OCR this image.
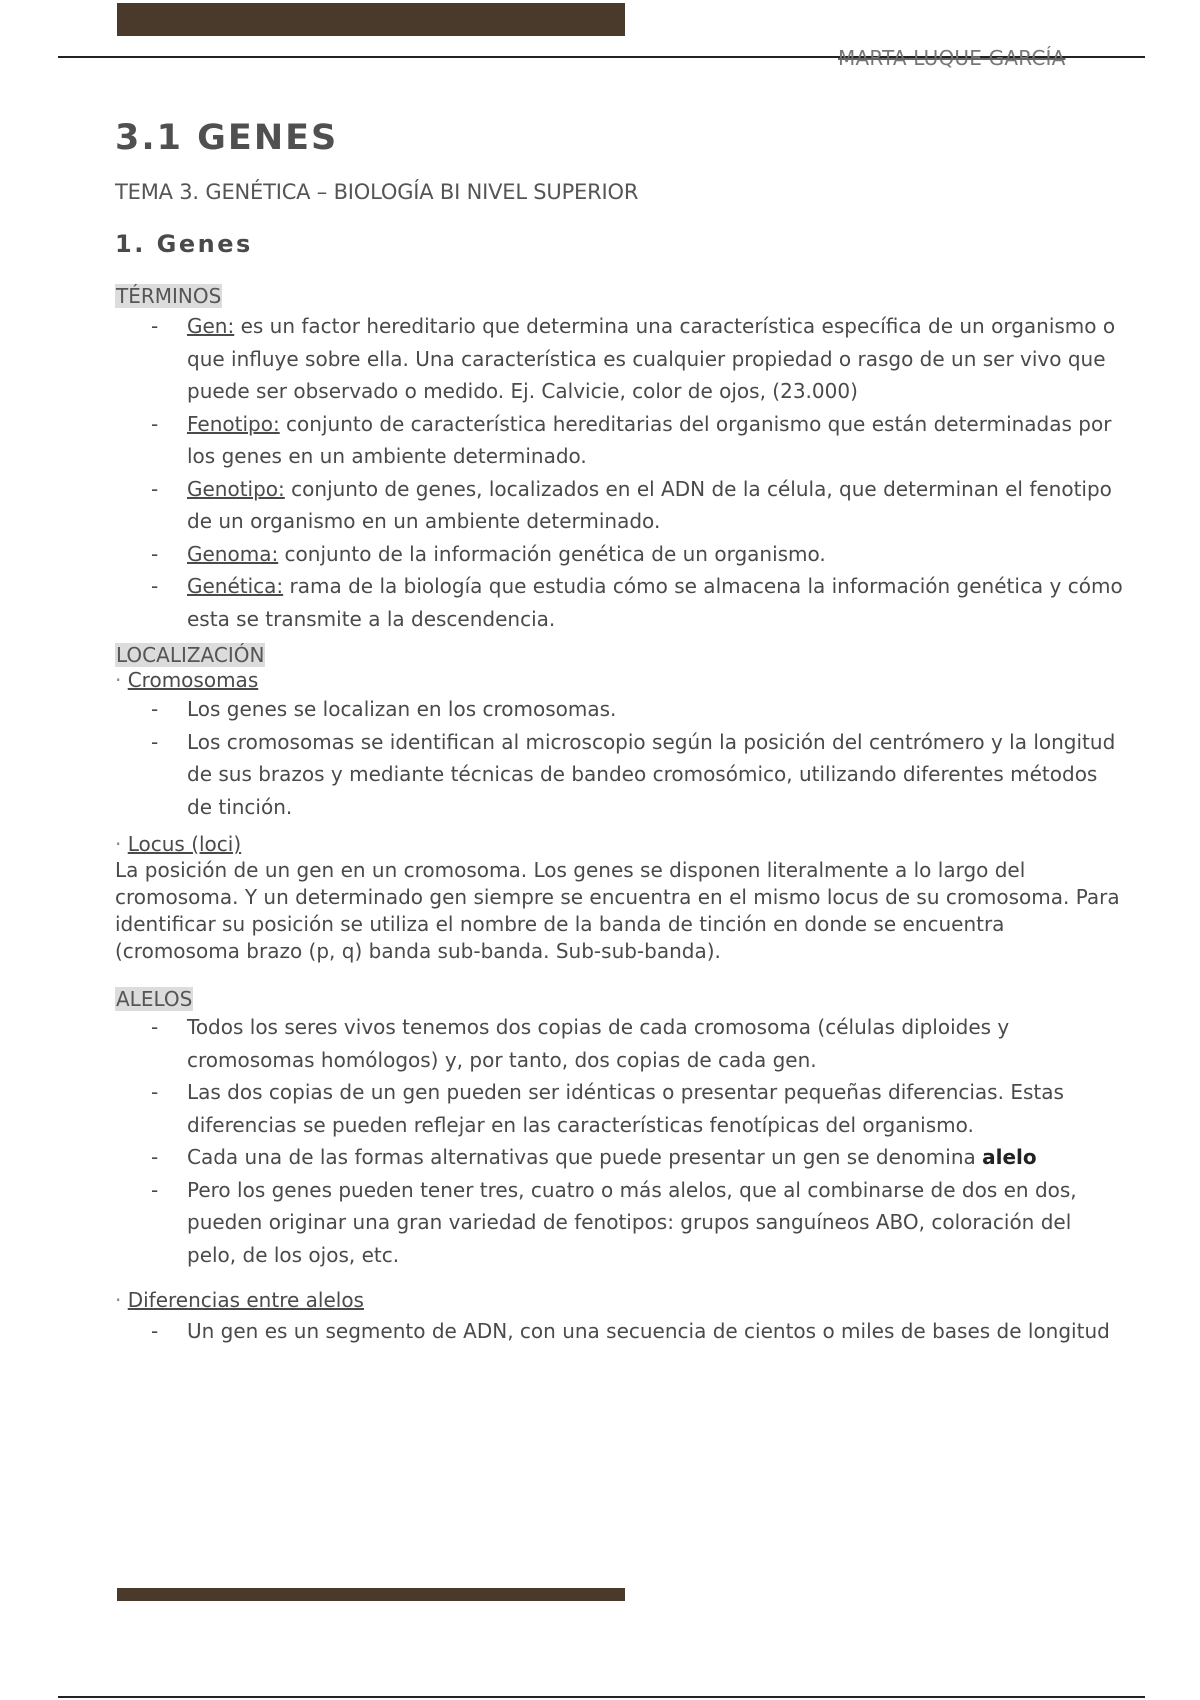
MARTA LUQUE GARCÍA
3.1 GENES
TEMA 3. GENÉTICA – BIOLOGÍA BI NIVEL SUPERIOR
1. Genes
TÉRMINOS
- Gen: es un factor hereditario que determina una característica específica de un organismo o que influye sobre ella. Una característica es cualquier propiedad o rasgo de un ser vivo que puede ser observado o medido. Ej. Calvicie, color de ojos, (23.000)
- Fenotipo: conjunto de característica hereditarias del organismo que están determinadas por los genes en un ambiente determinado.
- Genotipo: conjunto de genes, localizados en el ADN de la célula, que determinan el fenotipo de un organismo en un ambiente determinado.
- Genoma: conjunto de la información genética de un organismo.
- Genética: rama de la biología que estudia cómo se almacena la información genética y cómo esta se transmite a la descendencia.
LOCALIZACIÓN
· Cromosomas
- Los genes se localizan en los cromosomas.
- Los cromosomas se identifican al microscopio según la posición del centrómero y la longitud de sus brazos y mediante técnicas de bandeo cromosómico, utilizando diferentes métodos de tinción.
· Locus (loci)

La posición de un gen en un cromosoma. Los genes se disponen literalmente a lo largo del cromosoma. Y un determinado gen siempre se encuentra en el mismo locus de su cromosoma. Para identificar su posición se utiliza el nombre de la banda de tinción en donde se encuentra (cromosoma brazo (p, q) banda sub-banda. Sub-sub-banda).

ALELOS
- Todos los seres vivos tenemos dos copias de cada cromosoma (células diploides y cromosomas homólogos) y, por tanto, dos copias de cada gen.
- Las dos copias de un gen pueden ser idénticas o presentar pequeñas diferencias. Estas diferencias se pueden reflejar en las características fenotípicas del organismo.
- Cada una de las formas alternativas que puede presentar un gen se denomina alelo
- Pero los genes pueden tener tres, cuatro o más alelos, que al combinarse de dos en dos, pueden originar una gran variedad de fenotipos: grupos sanguíneos ABO, coloración del pelo, de los ojos, etc.
· Diferencias entre alelos
- Un gen es un segmento de ADN, con una secuencia de cientos o miles de bases de longitud
